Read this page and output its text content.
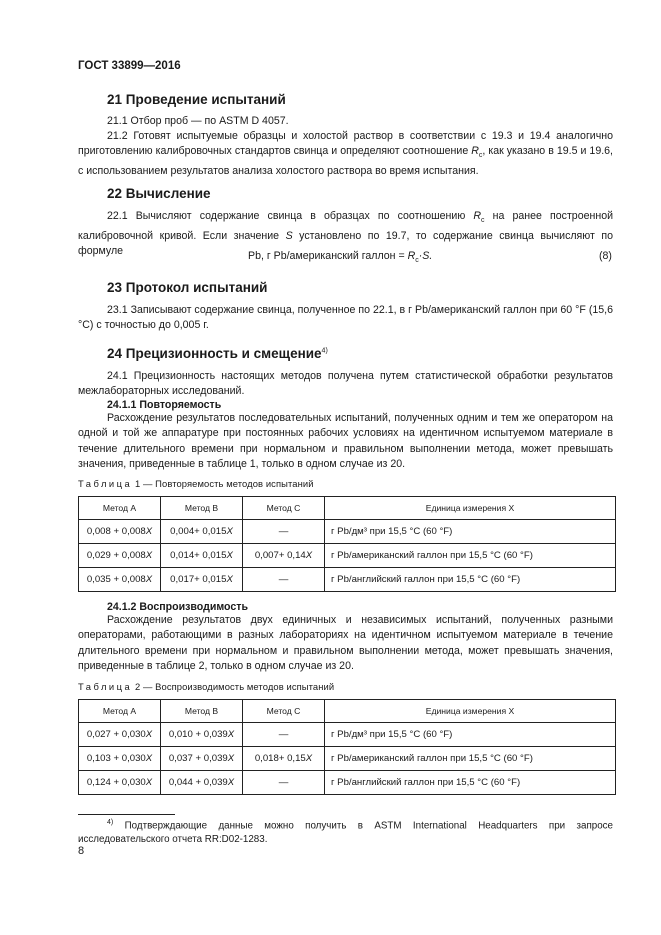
ГОСТ 33899—2016
21 Проведение испытаний
21.1 Отбор проб — по ASTM D 4057.
21.2 Готовят испытуемые образцы и холостой раствор в соответствии с 19.3 и 19.4 аналогично приготовлению калибровочных стандартов свинца и определяют соотношение $R_c$, как указано в 19.5 и 19.6, с использованием результатов анализа холостого раствора во время испытания.
22 Вычисление
22.1 Вычисляют содержание свинца в образцах по соотношению $R_c$ на ранее построенной калибровочной кривой. Если значение S установлено по 19.7, то содержание свинца вычисляют по формуле	Pb, г Pb/американский галлон = $R_c\cdot S$.	(8)
23 Протокол испытаний
23.1 Записывают содержание свинца, полученное по 22.1, в г Pb/американский галлон при 60 °F (15,6 °C) с точностью до 0,005 г.
24 Прецизионность и смещение$^{4)}$
24.1 Прецизионность настоящих методов получена путем статистической обработки результатов межлабораторных исследований.
24.1.1 Повторяемость
Расхождение результатов последовательных испытаний, полученных одним и тем же оператором на одной и той же аппаратуре при постоянных рабочих условиях на идентичном испытуемом материале в течение длительного времени при нормальном и правильном выполнении метода, может превышать значения, приведенные в таблице 1, только в одном случае из 20.
Таблица 1 — Повторяемость методов испытаний
Метод А	Метод В	Метод С	Единица измерения X
0,008 + 0,008X	0,004+ 0,015X	—	г Pb/дм³ при 15,5 °C (60 °F)
0,029 + 0,008X	0,014+ 0,015X	0,007+ 0,14X	г Pb/американский галлон при 15,5 °C (60 °F)
0,035 + 0,008X	0,017+ 0,015X	—	г Pb/английский галлон при 15,5 °C (60 °F)
24.1.2 Воспроизводимость
Расхождение результатов двух единичных и независимых испытаний, полученных разными операторами, работающими в разных лабораториях на идентичном испытуемом материале в течение длительного времени при нормальном и правильном выполнении метода, может превышать значения, приведенные в таблице 2, только в одном случае из 20.
Таблица 2 — Воспроизводимость методов испытаний
Метод А	Метод В	Метод С	Единица измерения X
0,027 + 0,030X	0,010 + 0,039X	—	г Pb/дм³ при 15,5 °C (60 °F)
0,103 + 0,030X	0,037 + 0,039X	0,018+ 0,15X	г Pb/американский галлон при 15,5 °C (60 °F)
0,124 + 0,030X	0,044 + 0,039X	—	г Pb/английский галлон при 15,5 °C (60 °F)
$^{4)}$ Подтверждающие данные можно получить в ASTM International Headquarters при запросе исследовательского отчета RR:D02-1283.
8
